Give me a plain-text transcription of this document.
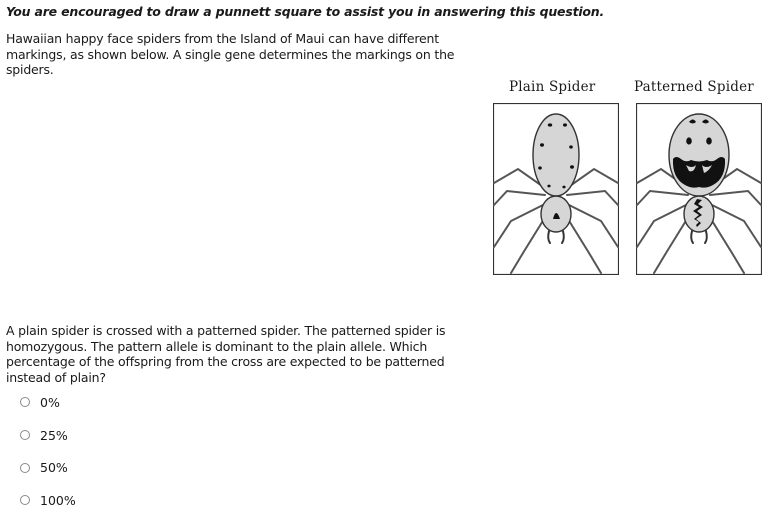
You are encouraged to draw a punnett square to assist you in answering this question.
Hawaiian happy face spiders from the Island of Maui can have different markings, as shown below. A single gene determines the markings on the spiders.
Plain Spider	Patterned Spider
A plain spider is crossed with a patterned spider. The patterned spider is homozygous. The pattern allele is dominant to the plain allele. Which percentage of the offspring from the cross are expected to be patterned instead of plain?
0%
25%
50%
100%
